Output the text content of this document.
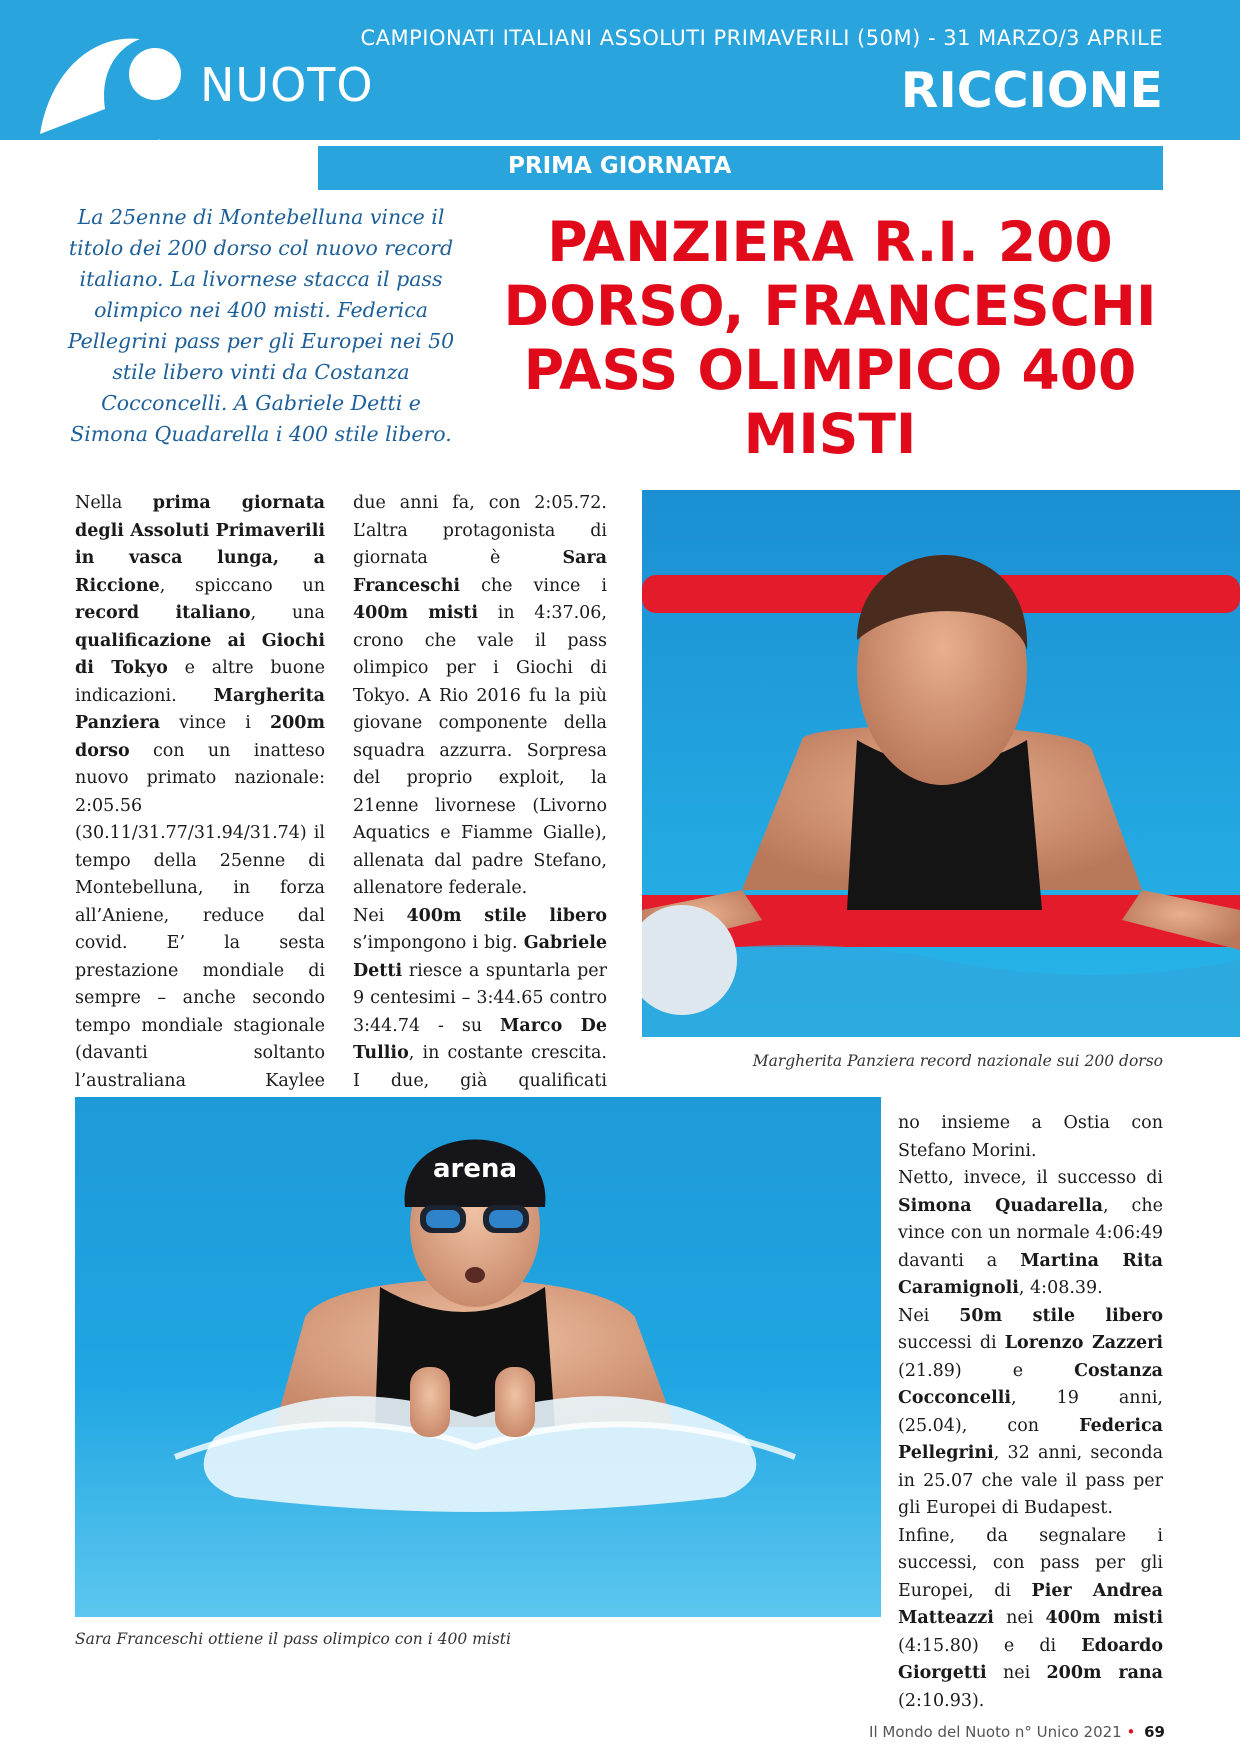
NUOTO
CAMPIONATI ITALIANI ASSOLUTI PRIMAVERILI (50M) - 31 MARZO/3 APRILE
RICCIONE
PRIMA GIORNATA
La 25enne di Montebelluna vince il titolo dei 200 dorso col nuovo record italiano. La livornese stacca il pass olimpico nei 400 misti. Federica Pellegrini pass per gli Europei nei 50 stile libero vinti da Costanza Cocconcelli. A Gabriele Detti e Simona Quadarella i 400 stile libero.
PANZIERA R.I. 200 DORSO, FRANCESCHI PASS OLIMPICO 400 MISTI

Nella prima giornata degli Assoluti Primaverili in vasca lunga, a Riccione, spiccano un record italiano, una qualificazione ai Giochi di Tokyo e altre buone indicazioni. Margherita Panziera vince i 200m dorso con un inatteso nuovo primato nazionale: 2:05.56 (30.11/31.77/31.94/31.74) il tempo della 25enne di Montebelluna, in forza all’Aniene, reduce dal covid. E’ la sesta prestazione mondiale di sempre – anche secondo tempo mondiale stagionale (davanti soltanto l’australiana Kaylee

due anni fa, con 2:05.72. L’altra protagonista di giornata è Sara Franceschi che vince i 400m misti in 4:37.06, crono che vale il pass olimpico per i Giochi di Tokyo. A Rio 2016 fu la più giovane componente della squadra azzurra. Sorpresa del proprio exploit, la 21enne livornese (Livorno Aquatics e Fiamme Gialle), allenata dal padre Stefano, allenatore federale.

Nei 400m stile libero s’impongono i big. Gabriele Detti riesce a spuntarla per 9 centesimi – 3:44.65 contro 3:44.74 - su Marco De Tullio, in costante crescita. I due, già qualificati

no insieme a Ostia con Stefano Morini.

Netto, invece, il successo di Simona Quadarella, che vince con un normale 4:06:49 davanti a Martina Rita Caramignoli, 4:08.39.

Nei 50m stile libero successi di Lorenzo Zazzeri (21.89) e Costanza Cocconcelli, 19 anni, (25.04), con Federica Pellegrini, 32 anni, seconda in 25.07 che vale il pass per gli Europei di Budapest.

Infine, da segnalare i successi, con pass per gli Europei, di Pier Andrea Matteazzi nei 400m misti (4:15.80) e di Edoardo Giorgetti nei 200m rana (2:10.93).

Margherita Panziera record nazionale sui 200 dorso
arena
Sara Franceschi ottiene il pass olimpico con i 400 misti
Il Mondo del Nuoto n° Unico 2021 • 69
